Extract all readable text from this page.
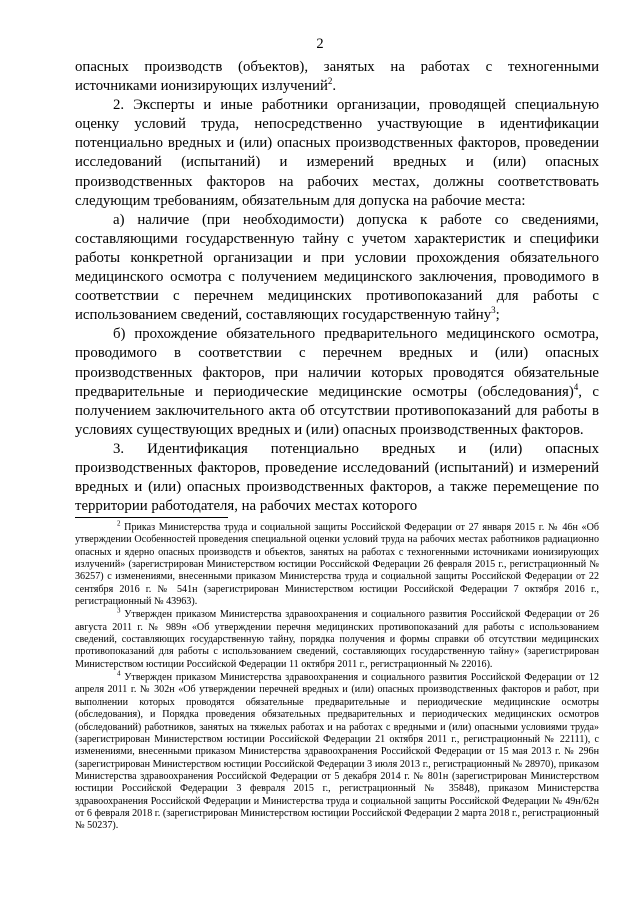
2

опасных производств (объектов), занятых на работах с техногенными источниками ионизирующих излучений$^2$.

2. Эксперты и иные работники организации, проводящей специальную оценку условий труда, непосредственно участвующие в идентификации потенциально вредных и (или) опасных производственных факторов, проведении исследований (испытаний) и измерений вредных и (или) опасных производственных факторов на рабочих местах, должны соответствовать следующим требованиям, обязательным для допуска на рабочие места:

а) наличие (при необходимости) допуска к работе со сведениями, составляющими государственную тайну с учетом характеристик и специфики работы конкретной организации и при условии прохождения обязательного медицинского осмотра с получением медицинского заключения, проводимого в соответствии с перечнем медицинских противопоказаний для работы с использованием сведений, составляющих государственную тайну$^3$;

б) прохождение обязательного предварительного медицинского осмотра, проводимого в соответствии с перечнем вредных и (или) опасных производственных факторов, при наличии которых проводятся обязательные предварительные и периодические медицинские осмотры (обследования)$^4$, с получением заключительного акта об отсутствии противопоказаний для работы в условиях существующих вредных и (или) опасных производственных факторов.

3. Идентификация потенциально вредных и (или) опасных производственных факторов, проведение исследований (испытаний) и измерений вредных и (или) опасных производственных факторов, а также перемещение по территории работодателя, на рабочих местах которого

$^2$ Приказ Министерства труда и социальной защиты Российской Федерации от 27 января 2015 г. № 46н «Об утверждении Особенностей проведения специальной оценки условий труда на рабочих местах работников радиационно опасных и ядерно опасных производств и объектов, занятых на работах с техногенными источниками ионизирующих излучений» (зарегистрирован Министерством юстиции Российской Федерации 26 февраля 2015 г., регистрационный № 36257) с изменениями, внесенными приказом Министерства труда и социальной защиты Российской Федерации от 22 сентября 2016 г. № 541н (зарегистрирован Министерством юстиции Российской Федерации 7 октября 2016 г., регистрационный № 43963).

$^3$ Утвержден приказом Министерства здравоохранения и социального развития Российской Федерации от 26 августа 2011 г. № 989н «Об утверждении перечня медицинских противопоказаний для работы с использованием сведений, составляющих государственную тайну, порядка получения и формы справки об отсутствии медицинских противопоказаний для работы с использованием сведений, составляющих государственную тайну» (зарегистрирован Министерством юстиции Российской Федерации 11 октября 2011 г., регистрационный № 22016).

$^4$ Утвержден приказом Министерства здравоохранения и социального развития Российской Федерации от 12 апреля 2011 г. № 302н «Об утверждении перечней вредных и (или) опасных производственных факторов и работ, при выполнении которых проводятся обязательные предварительные и периодические медицинские осмотры (обследования), и Порядка проведения обязательных предварительных и периодических медицинских осмотров (обследований) работников, занятых на тяжелых работах и на работах с вредными и (или) опасными условиями труда» (зарегистрирован Министерством юстиции Российской Федерации 21 октября 2011 г., регистрационный № 22111), с изменениями, внесенными приказом Министерства здравоохранения Российской Федерации от 15 мая 2013 г. № 296н (зарегистрирован Министерством юстиции Российской Федерации 3 июля 2013 г., регистрационный № 28970), приказом Министерства здравоохранения Российской Федерации от 5 декабря 2014 г. № 801н (зарегистрирован Министерством юстиции Российской Федерации 3 февраля 2015 г., регистрационный № 35848), приказом Министерства здравоохранения Российской Федерации и Министерства труда и социальной защиты Российской Федерации № 49н/62н от 6 февраля 2018 г. (зарегистрирован Министерством юстиции Российской Федерации 2 марта 2018 г., регистрационный № 50237).
